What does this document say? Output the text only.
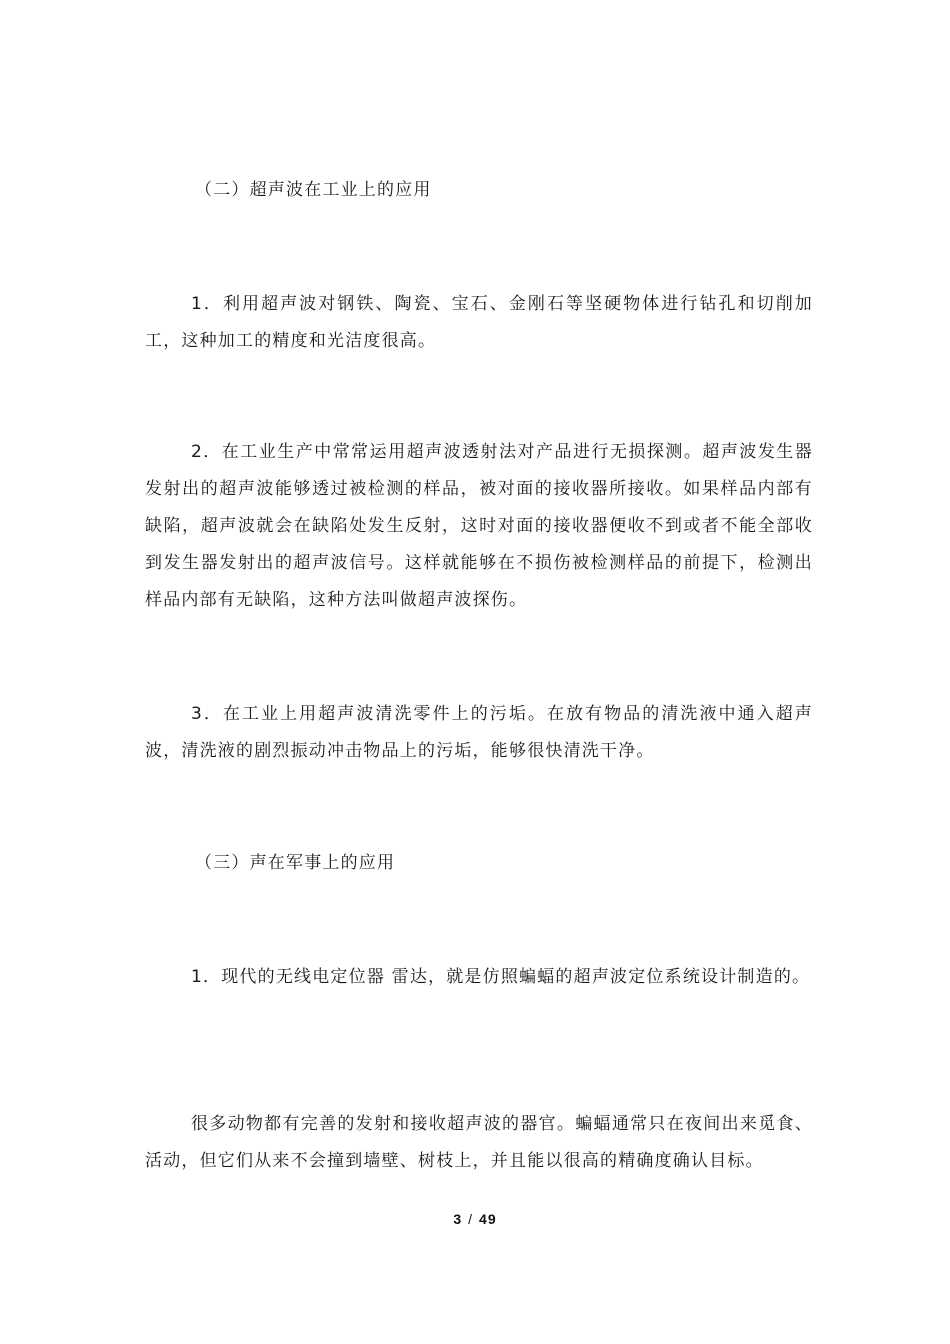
（二）超声波在工业上的应用

1．利用超声波对钢铁、陶瓷、宝石、金刚石等坚硬物体进行钻孔和切削加工，这种加工的精度和光洁度很高。

2．在工业生产中常常运用超声波透射法对产品进行无损探测。超声波发生器发射出的超声波能够透过被检测的样品，被对面的接收器所接收。如果样品内部有缺陷，超声波就会在缺陷处发生反射，这时对面的接收器便收不到或者不能全部收到发生器发射出的超声波信号。这样就能够在不损伤被检测样品的前提下，检测出样品内部有无缺陷，这种方法叫做超声波探伤。

3．在工业上用超声波清洗零件上的污垢。在放有物品的清洗液中通入超声波，清洗液的剧烈振动冲击物品上的污垢，能够很快清洗干净。

（三）声在军事上的应用

1．现代的无线电定位器 雷达，就是仿照蝙蝠的超声波定位系统设计制造的。

很多动物都有完善的发射和接收超声波的器官。蝙蝠通常只在夜间出来觅食、活动，但它们从来不会撞到墙壁、树枝上，并且能以很高的精确度确认目标。

3 / 49
